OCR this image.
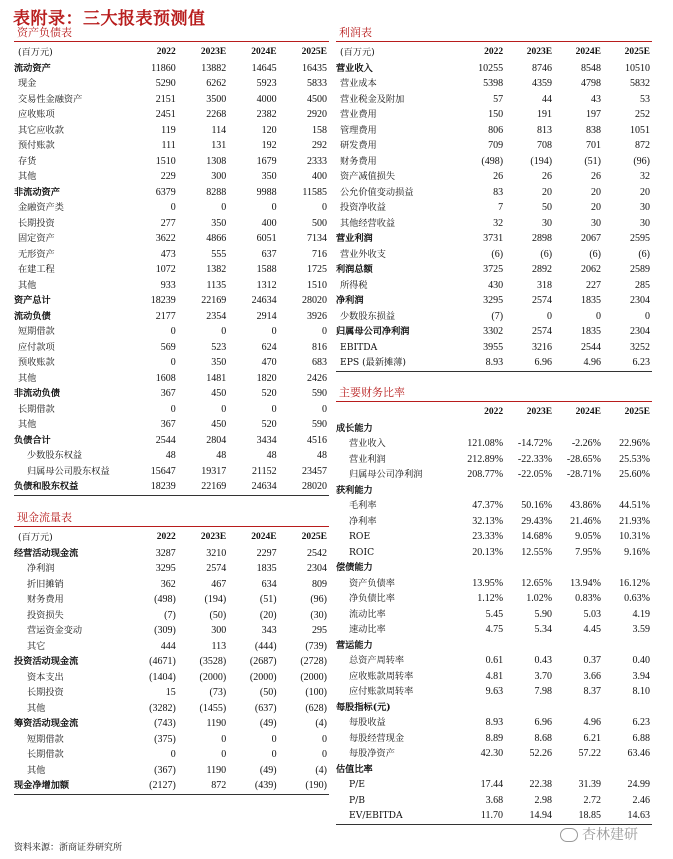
表附录：三大报表预测值
资产负债表
(百万元)	2022	2023E	2024E	2025E
流动资产	11860	13882	14645	16435
现金	5290	6262	5923	5833
交易性金融资产	2151	3500	4000	4500
应收账项	2451	2268	2382	2920
其它应收款	119	114	120	158
预付账款	111	131	192	292
存货	1510	1308	1679	2333
其他	229	300	350	400
非流动资产	6379	8288	9988	11585
金融资产类	0	0	0	0
长期投资	277	350	400	500
固定资产	3622	4866	6051	7134
无形资产	473	555	637	716
在建工程	1072	1382	1588	1725
其他	933	1135	1312	1510
资产总计	18239	22169	24634	28020
流动负债	2177	2354	2914	3926
短期借款	0	0	0	0
应付款项	569	523	624	816
预收账款	0	350	470	683
其他	1608	1481	1820	2426
非流动负债	367	450	520	590
长期借款	0	0	0	0
其他	367	450	520	590
负债合计	2544	2804	3434	4516
少数股东权益	48	48	48	48
归属母公司股东权益	15647	19317	21152	23457
负债和股东权益	18239	22169	24634	28020
现金流量表
(百万元)	2022	2023E	2024E	2025E
经营活动现金流	3287	3210	2297	2542
净利润	3295	2574	1835	2304
折旧摊销	362	467	634	809
财务费用	(498)	(194)	(51)	(96)
投资损失	(7)	(50)	(20)	(30)
营运资金变动	(309)	300	343	295
其它	444	113	(444)	(739)
投资活动现金流	(4671)	(3528)	(2687)	(2728)
资本支出	(1404)	(2000)	(2000)	(2000)
长期投资	15	(73)	(50)	(100)
其他	(3282)	(1455)	(637)	(628)
筹资活动现金流	(743)	1190	(49)	(4)
短期借款	(375)	0	0	0
长期借款	0	0	0	0
其他	(367)	1190	(49)	(4)
现金净增加额	(2127)	872	(439)	(190)
利润表
(百万元)	2022	2023E	2024E	2025E
营业收入	10255	8746	8548	10510
营业成本	5398	4359	4798	5832
营业税金及附加	57	44	43	53
营业费用	150	191	197	252
管理费用	806	813	838	1051
研发费用	709	708	701	872
财务费用	(498)	(194)	(51)	(96)
资产减值损失	26	26	26	32
公允价值变动损益	83	20	20	20
投资净收益	7	50	20	30
其他经营收益	32	30	30	30
营业利润	3731	2898	2067	2595
营业外收支	(6)	(6)	(6)	(6)
利润总额	3725	2892	2062	2589
所得税	430	318	227	285
净利润	3295	2574	1835	2304
少数股东损益	(7)	0	0	0
归属母公司净利润	3302	2574	1835	2304
EBITDA	3955	3216	2544	3252
EPS (最新摊薄)	8.93	6.96	4.96	6.23
主要财务比率
	2022	2023E	2024E	2025E
成长能力				
营业收入	121.08%	-14.72%	-2.26%	22.96%
营业利润	212.89%	-22.33%	-28.65%	25.53%
归属母公司净利润	208.77%	-22.05%	-28.71%	25.60%
获利能力				
毛利率	47.37%	50.16%	43.86%	44.51%
净利率	32.13%	29.43%	21.46%	21.93%
ROE	23.33%	14.68%	9.05%	10.31%
ROIC	20.13%	12.55%	7.95%	9.16%
偿债能力				
资产负债率	13.95%	12.65%	13.94%	16.12%
净负债比率	1.12%	1.02%	0.83%	0.63%
流动比率	5.45	5.90	5.03	4.19
速动比率	4.75	5.34	4.45	3.59
营运能力				
总资产周转率	0.61	0.43	0.37	0.40
应收账款周转率	4.81	3.70	3.66	3.94
应付账款周转率	9.63	7.98	8.37	8.10
每股指标(元)				
每股收益	8.93	6.96	4.96	6.23
每股经营现金	8.89	8.68	6.21	6.88
每股净资产	42.30	52.26	57.22	63.46
估值比率				
P/E	17.44	22.38	31.39	24.99
P/B	3.68	2.98	2.72	2.46
EV/EBITDA	11.70	14.94	18.85	14.63
资料来源：浙商证券研究所
杏林建研
